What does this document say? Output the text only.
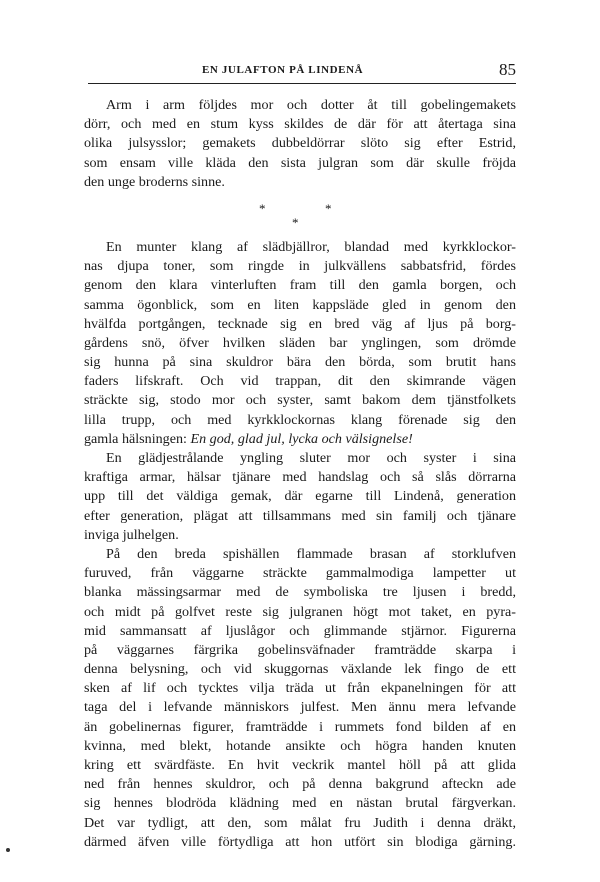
EN JULAFTON PÅ LINDENÅ	85
Arm i arm följdes mor och dotter åt till gobelingemakets
dörr, och med en stum kyss skildes de där för att återtaga sina
olika julsysslor; gemakets dubbeldörrar slöto sig efter Estrid,
som ensam ville kläda den sista julgran som där skulle fröjda
den unge broderns sinne.
*	*
*
En munter klang af slädbjällror, blandad med kyrkklockor-
nas djupa toner, som ringde in julkvällens sabbatsfrid, fördes
genom den klara vinterluften fram till den gamla borgen, och
samma ögonblick, som en liten kappsläde gled in genom den
hvälfda portgången, tecknade sig en bred väg af ljus på borg-
gårdens snö, öfver hvilken släden bar ynglingen, som drömde
sig hunna på sina skuldror bära den börda, som brutit hans
faders lifskraft. Och vid trappan, dit den skimrande vägen
sträckte sig, stodo mor och syster, samt bakom dem tjänstfolkets
lilla trupp, och med kyrkklockornas klang förenade sig den
gamla hälsningen: En god, glad jul, lycka och välsignelse!
En glädjestrålande yngling sluter mor och syster i sina
kraftiga armar, hälsar tjänare med handslag och så slås dörrarna
upp till det väldiga gemak, där egarne till Lindenå, generation
efter generation, plägat att tillsammans med sin familj och tjänare
inviga julhelgen.
På den breda spishällen flammade brasan af storklufven
furuved, från väggarne sträckte gammalmodiga lampetter ut
blanka mässingsarmar med de symboliska tre ljusen i bredd,
och midt på golfvet reste sig julgranen högt mot taket, en pyra-
mid sammansatt af ljuslågor och glimmande stjärnor. Figurerna
på väggarnes färgrika gobelinsväfnader framträdde skarpa i
denna belysning, och vid skuggornas växlande lek fingo de ett
sken af lif och tycktes vilja träda ut från ekpanelningen för att
taga del i lefvande människors julfest. Men ännu mera lefvande
än gobelinernas figurer, framträdde i rummets fond bilden af en
kvinna, med blekt, hotande ansikte och högra handen knuten
kring ett svärdfäste. En hvit veckrik mantel höll på att glida
ned från hennes skuldror, och på denna bakgrund afteckn ade
sig hennes blodröda klädning med en nästan brutal färgverkan.
Det var tydligt, att den, som målat fru Judith i denna dräkt,
därmed äfven ville förtydliga att hon utfört sin blodiga gärning.
